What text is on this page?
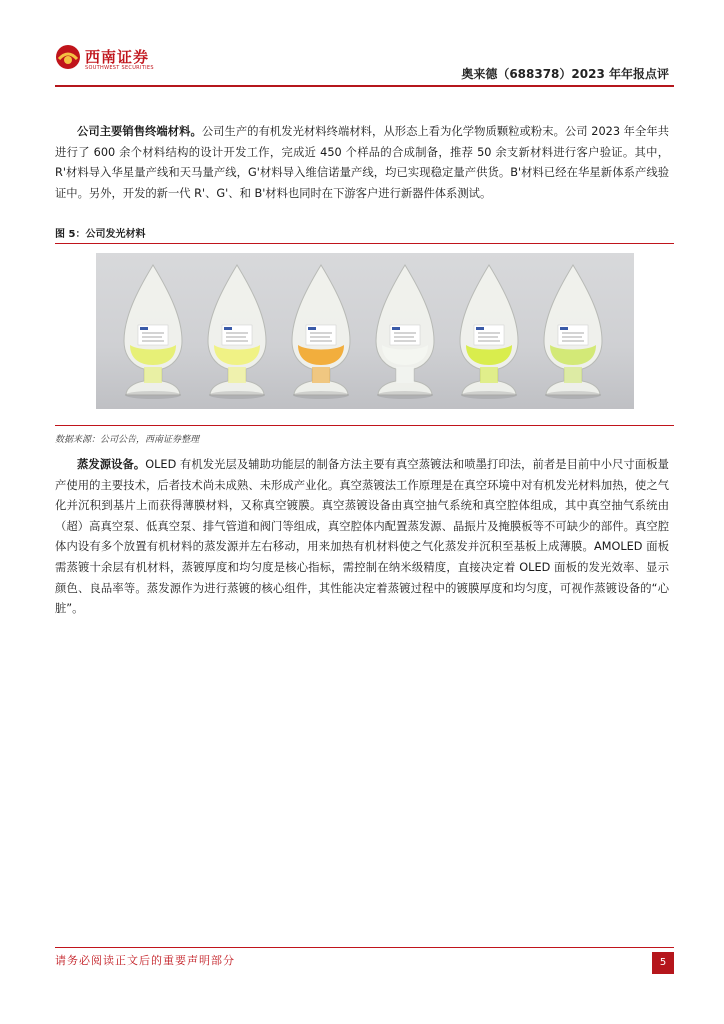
西南证券
SOUTHWEST SECURITIES	奥来德（688378）2023 年年报点评

公司主要销售终端材料。公司生产的有机发光材料终端材料，从形态上看为化学物质颗粒或粉末。公司 2023 年全年共进行了 600 余个材料结构的设计开发工作，完成近 450 个样品的合成制备，推荐 50 余支新材料进行客户验证。其中，R'材料导入华星量产线和天马量产线，G'材料导入维信诺量产线，均已实现稳定量产供货。B'材料已经在华星新体系产线验证中。另外，开发的新一代 R'、G'、和 B'材料也同时在下游客户进行新器件体系测试。

图 5：公司发光材料
数据来源：公司公告，西南证券整理

蒸发源设备。OLED 有机发光层及辅助功能层的制备方法主要有真空蒸镀法和喷墨打印法，前者是目前中小尺寸面板量产使用的主要技术，后者技术尚未成熟、未形成产业化。真空蒸镀法工作原理是在真空环境中对有机发光材料加热，使之气化并沉积到基片上而获得薄膜材料，又称真空镀膜。真空蒸镀设备由真空抽气系统和真空腔体组成，其中真空抽气系统由（超）高真空泵、低真空泵、排气管道和阀门等组成，真空腔体内配置蒸发源、晶振片及掩膜板等不可缺少的部件。真空腔体内设有多个放置有机材料的蒸发源并左右移动，用来加热有机材料使之气化蒸发并沉积至基板上成薄膜。AMOLED 面板需蒸镀十余层有机材料，蒸镀厚度和均匀度是核心指标，需控制在纳米级精度，直接决定着 OLED 面板的发光效率、显示颜色、良品率等。蒸发源作为进行蒸镀的核心组件，其性能决定着蒸镀过程中的镀膜厚度和均匀度，可视作蒸镀设备的“心脏”。

请务必阅读正文后的重要声明部分	5
